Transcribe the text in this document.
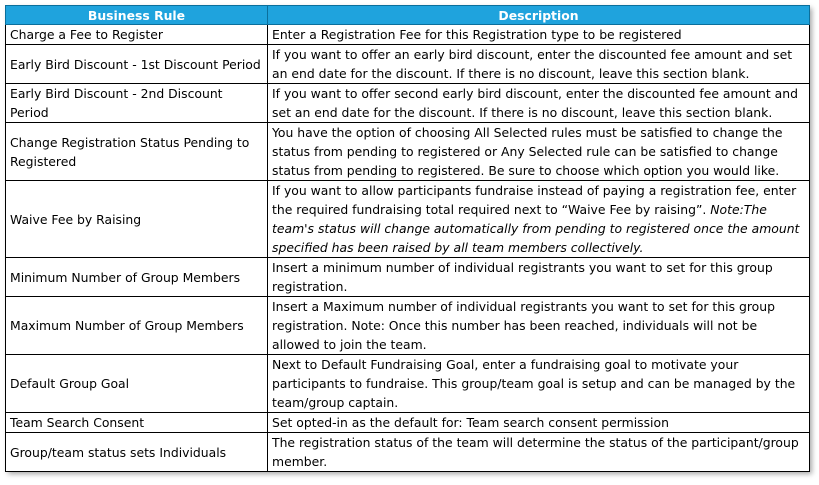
Business Rule	Description
Charge a Fee to Register	Enter a Registration Fee for this Registration type to be registered
Early Bird Discount - 1st Discount Period	If you want to offer an early bird discount, enter the discounted fee amount and set an end date for the discount. If there is no discount, leave this section blank.
Early Bird Discount - 2nd Discount Period	If you want to offer second early bird discount, enter the discounted fee amount and set an end date for the discount. If there is no discount, leave this section blank.
Change Registration Status Pending to Registered	You have the option of choosing All Selected rules must be satisfied to change the status from pending to registered or Any Selected rule can be satisfied to change status from pending to registered. Be sure to choose which option you would like.
Waive Fee by Raising	If you want to allow participants fundraise instead of paying a registration fee, enter the required fundraising total required next to “Waive Fee by raising”. Note:The team's status will change automatically from pending to registered once the amount specified has been raised by all team members collectively.
Minimum Number of Group Members	Insert a minimum number of individual registrants you want to set for this group registration.
Maximum Number of Group Members	Insert a Maximum number of individual registrants you want to set for this group registration. Note: Once this number has been reached, individuals will not be allowed to join the team.
Default Group Goal	Next to Default Fundraising Goal, enter a fundraising goal to motivate your participants to fundraise. This group/team goal is setup and can be managed by the team/group captain.
Team Search Consent	Set opted-in as the default for: Team search consent permission
Group/team status sets Individuals	The registration status of the team will determine the status of the participant/group member.
